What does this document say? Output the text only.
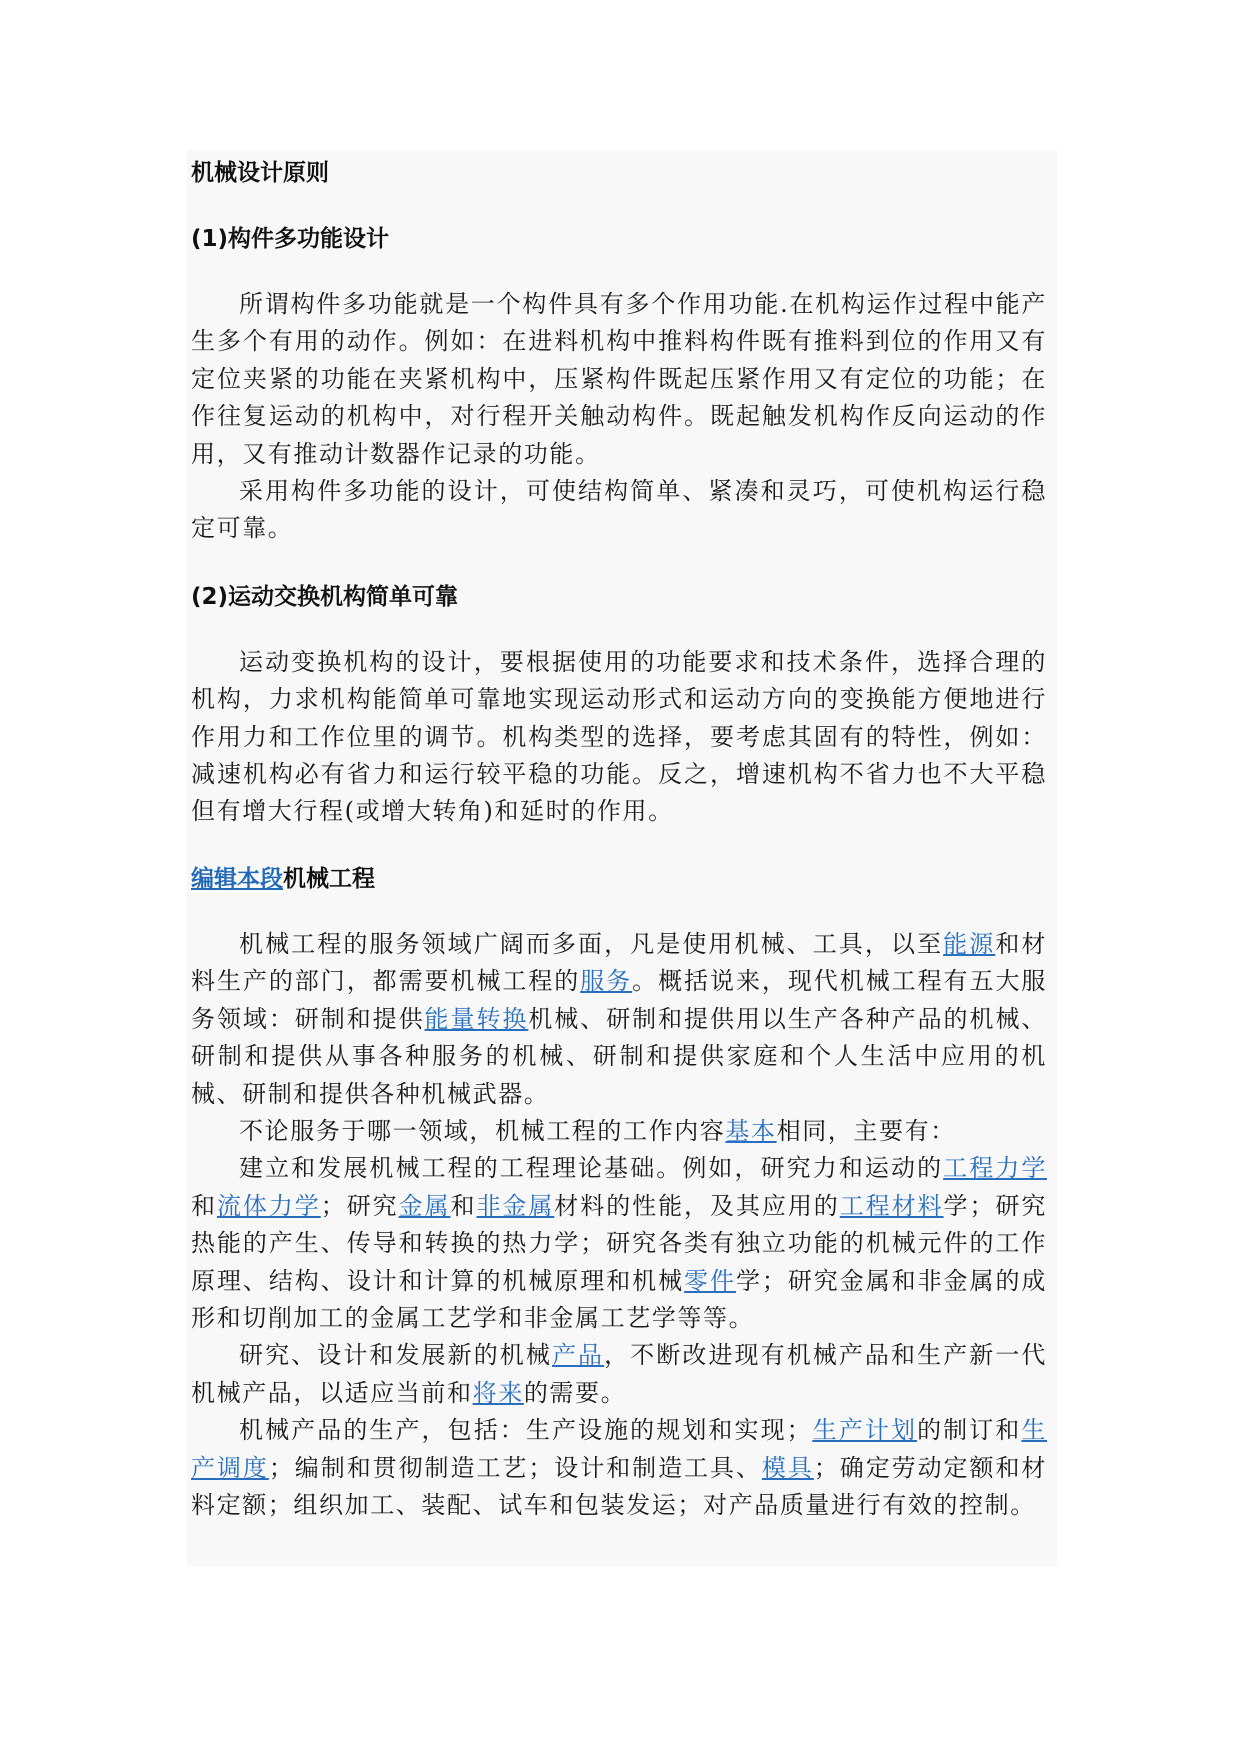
机械设计原则
(1)构件多功能设计

所谓构件多功能就是一个构件具有多个作用功能.在机构运作过程中能产生多个有用的动作。例如：在进料机构中推料构件既有推料到位的作用又有定位夹紧的功能在夹紧机构中，压紧构件既起压紧作用又有定位的功能；在作往复运动的机构中，对行程开关触动构件。既起触发机构作反向运动的作用，又有推动计数器作记录的功能。

采用构件多功能的设计，可使结构简单、紧凑和灵巧，可使机构运行稳定可靠。

(2)运动交换机构简单可靠

运动变换机构的设计，要根据使用的功能要求和技术条件，选择合理的机构，力求机构能简单可靠地实现运动形式和运动方向的变换能方便地进行作用力和工作位里的调节。机构类型的选择，要考虑其固有的特性，例如：减速机构必有省力和运行较平稳的功能。反之，增速机构不省力也不大平稳但有增大行程(或增大转角)和延时的作用。

编辑本段机械工程

机械工程的服务领域广阔而多面，凡是使用机械、工具，以至能源和材料生产的部门，都需要机械工程的服务。概括说来，现代机械工程有五大服务领域：研制和提供能量转换机械、研制和提供用以生产各种产品的机械、研制和提供从事各种服务的机械、研制和提供家庭和个人生活中应用的机械、研制和提供各种机械武器。

不论服务于哪一领域，机械工程的工作内容基本相同，主要有：

建立和发展机械工程的工程理论基础。例如，研究力和运动的工程力学和流体力学；研究金属和非金属材料的性能，及其应用的工程材料学；研究热能的产生、传导和转换的热力学；研究各类有独立功能的机械元件的工作原理、结构、设计和计算的机械原理和机械零件学；研究金属和非金属的成形和切削加工的金属工艺学和非金属工艺学等等。

研究、设计和发展新的机械产品，不断改进现有机械产品和生产新一代机械产品，以适应当前和将来的需要。

机械产品的生产，包括：生产设施的规划和实现；生产计划的制订和生产调度；编制和贯彻制造工艺；设计和制造工具、模具；确定劳动定额和材料定额；组织加工、装配、试车和包装发运；对产品质量进行有效的控制。
